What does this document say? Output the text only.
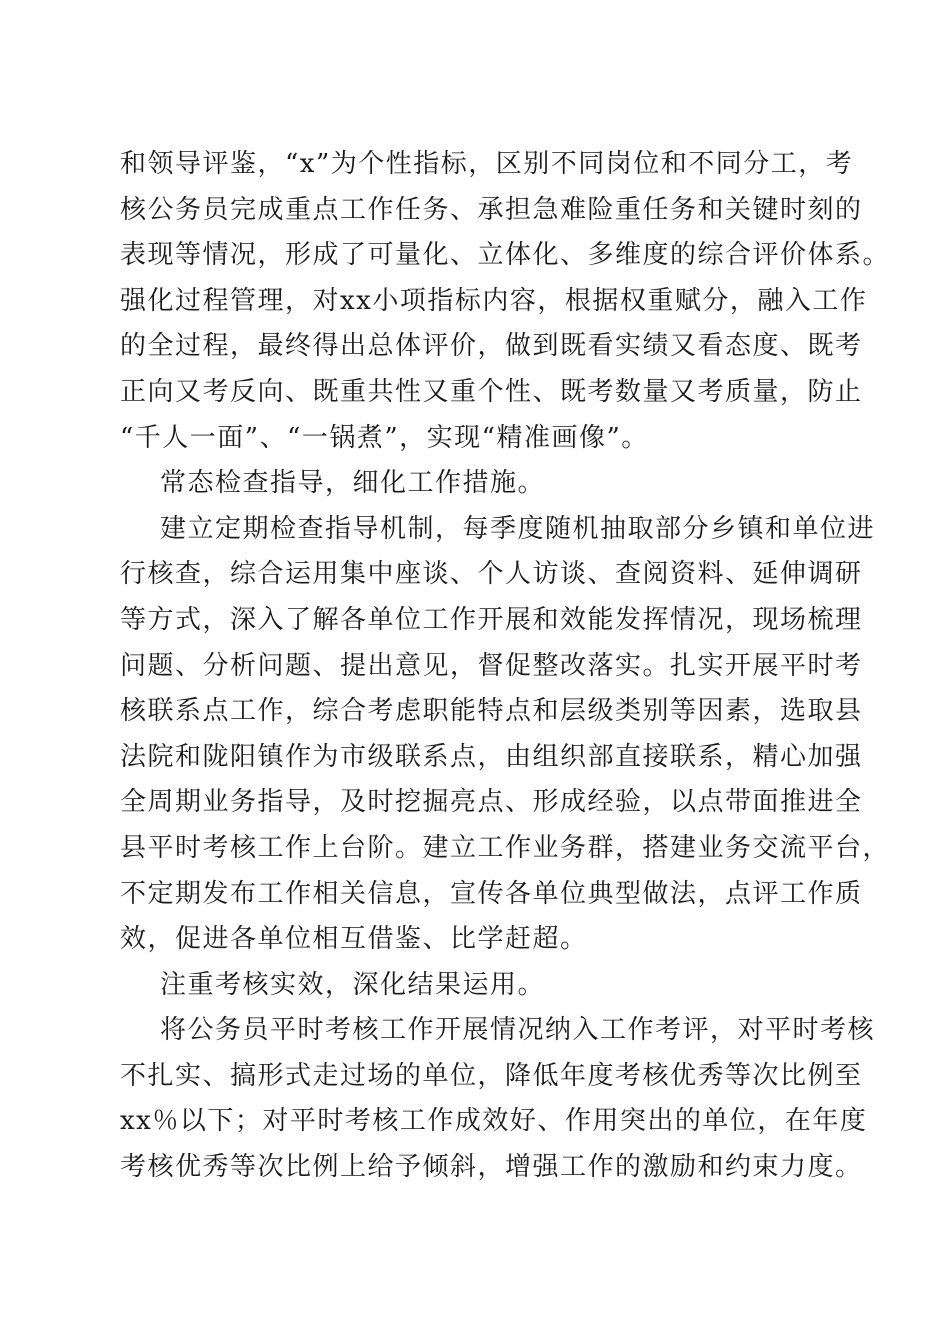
和领导评鉴，“x”为个性指标，区别不同岗位和不同分工，考
核公务员完成重点工作任务、承担急难险重任务和关键时刻的
表现等情况，形成了可量化、立体化、多维度的综合评价体系。
强化过程管理，对xx小项指标内容，根据权重赋分，融入工作
的全过程，最终得出总体评价，做到既看实绩又看态度、既考
正向又考反向、既重共性又重个性、既考数量又考质量，防止
“千人一面”、“一锅煮”，实现“精准画像”。
常态检查指导，细化工作措施。
建立定期检查指导机制，每季度随机抽取部分乡镇和单位进
行核查，综合运用集中座谈、个人访谈、查阅资料、延伸调研
等方式，深入了解各单位工作开展和效能发挥情况，现场梳理
问题、分析问题、提出意见，督促整改落实。扎实开展平时考
核联系点工作，综合考虑职能特点和层级类别等因素，选取县
法院和陇阳镇作为市级联系点，由组织部直接联系，精心加强
全周期业务指导，及时挖掘亮点、形成经验，以点带面推进全
县平时考核工作上台阶。建立工作业务群，搭建业务交流平台，
不定期发布工作相关信息，宣传各单位典型做法，点评工作质
效，促进各单位相互借鉴、比学赶超。
注重考核实效，深化结果运用。
将公务员平时考核工作开展情况纳入工作考评，对平时考核
不扎实、搞形式走过场的单位，降低年度考核优秀等次比例至
xx％以下；对平时考核工作成效好、作用突出的单位，在年度
考核优秀等次比例上给予倾斜，增强工作的激励和约束力度。
